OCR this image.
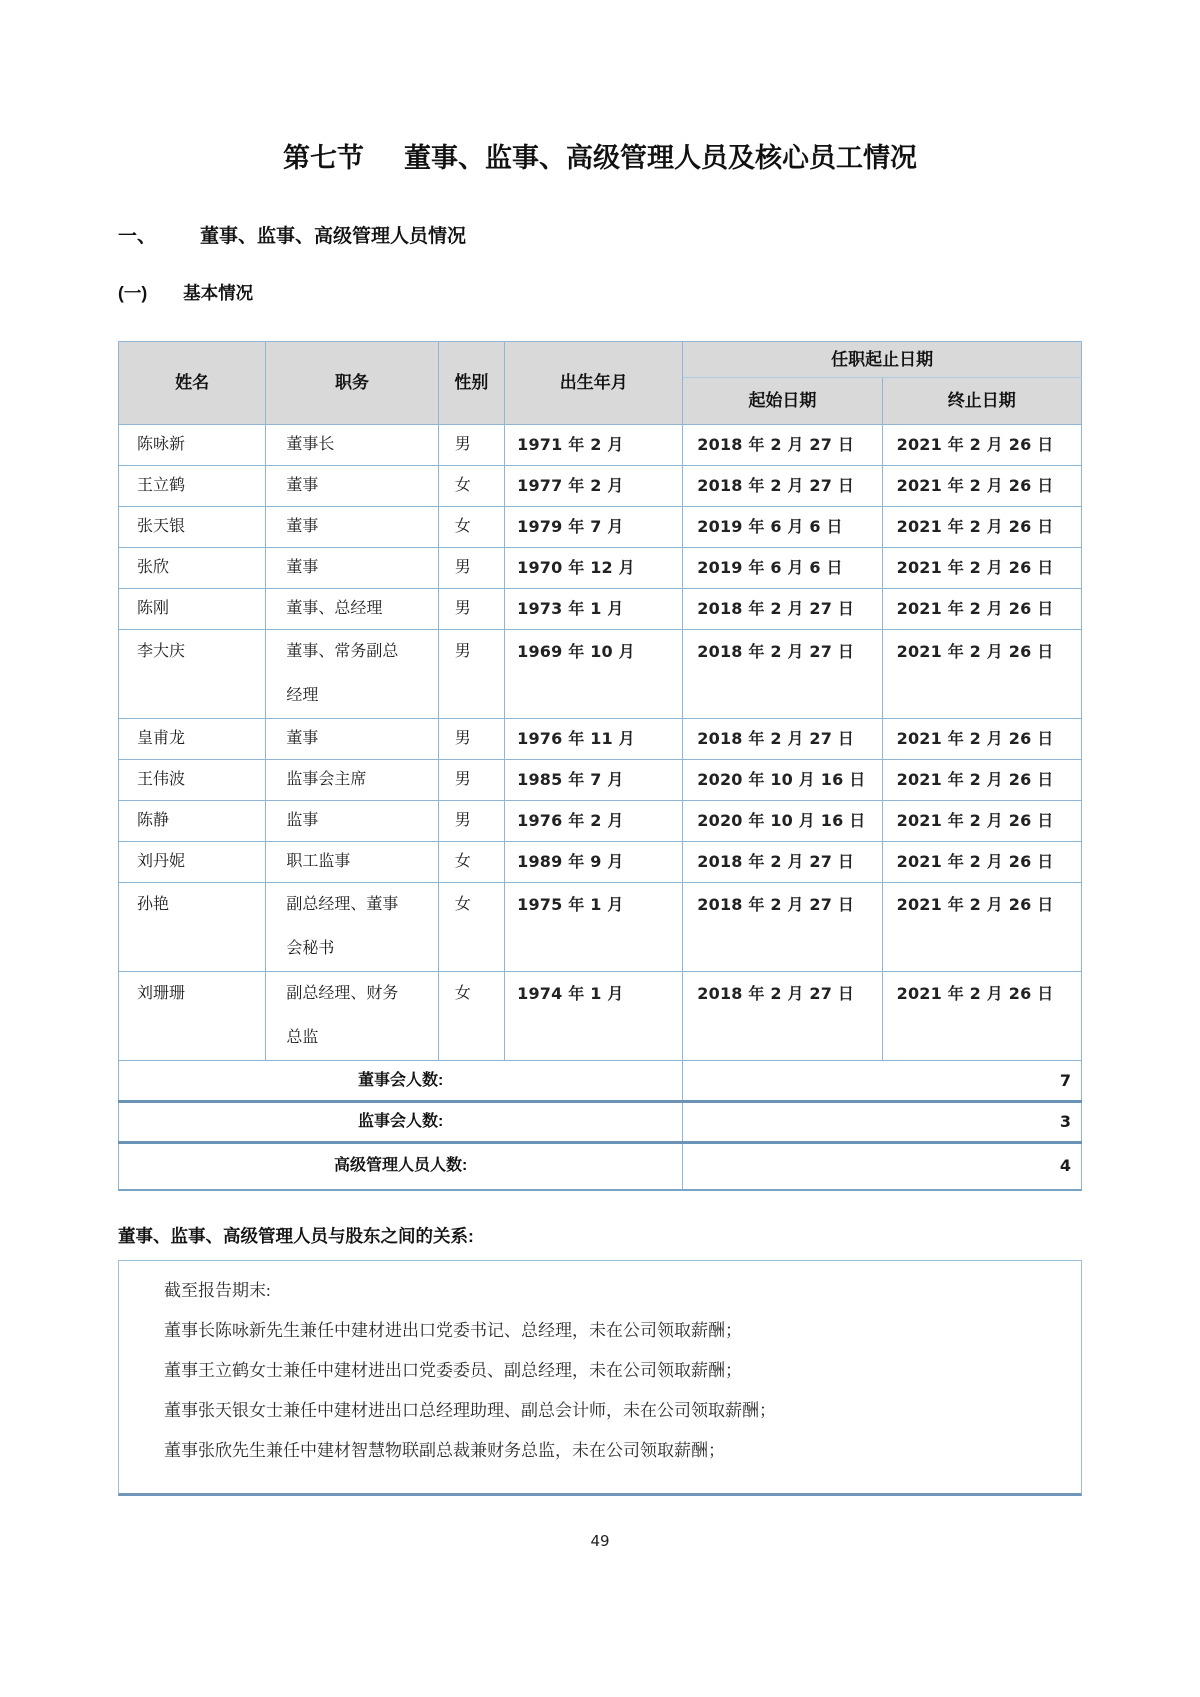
第七节 董事、监事、高级管理人员及核心员工情况
一、 董事、监事、高级管理人员情况
(一) 基本情况
姓名	职务	性别	出生年月	任职起止日期	
				起始日期	终止日期
陈咏新	董事长	男	1971 年 2 月	2018 年 2 月 27 日	2021 年 2 月 26 日
王立鹤	董事	女	1977 年 2 月	2018 年 2 月 27 日	2021 年 2 月 26 日
张天银	董事	女	1979 年 7 月	2019 年 6 月 6 日	2021 年 2 月 26 日
张欣	董事	男	1970 年 12 月	2019 年 6 月 6 日	2021 年 2 月 26 日
陈刚	董事、总经理	男	1973 年 1 月	2018 年 2 月 27 日	2021 年 2 月 26 日
李大庆	董事、常务副总经理	男	1969 年 10 月	2018 年 2 月 27 日	2021 年 2 月 26 日
皇甫龙	董事	男	1976 年 11 月	2018 年 2 月 27 日	2021 年 2 月 26 日
王伟波	监事会主席	男	1985 年 7 月	2020 年 10 月 16 日	2021 年 2 月 26 日
陈静	监事	男	1976 年 2 月	2020 年 10 月 16 日	2021 年 2 月 26 日
刘丹妮	职工监事	女	1989 年 9 月	2018 年 2 月 27 日	2021 年 2 月 26 日
孙艳	副总经理、董事会秘书	女	1975 年 1 月	2018 年 2 月 27 日	2021 年 2 月 26 日
刘珊珊	副总经理、财务总监	女	1974 年 1 月	2018 年 2 月 27 日	2021 年 2 月 26 日
董事会人数:				7	
监事会人数:				3	
高级管理人员人数:				4	
董事、监事、高级管理人员与股东之间的关系:

截至报告期末:

董事长陈咏新先生兼任中建材进出口党委书记、总经理，未在公司领取薪酬；

董事王立鹤女士兼任中建材进出口党委委员、副总经理，未在公司领取薪酬；

董事张天银女士兼任中建材进出口总经理助理、副总会计师，未在公司领取薪酬；

董事张欣先生兼任中建材智慧物联副总裁兼财务总监，未在公司领取薪酬；

49
